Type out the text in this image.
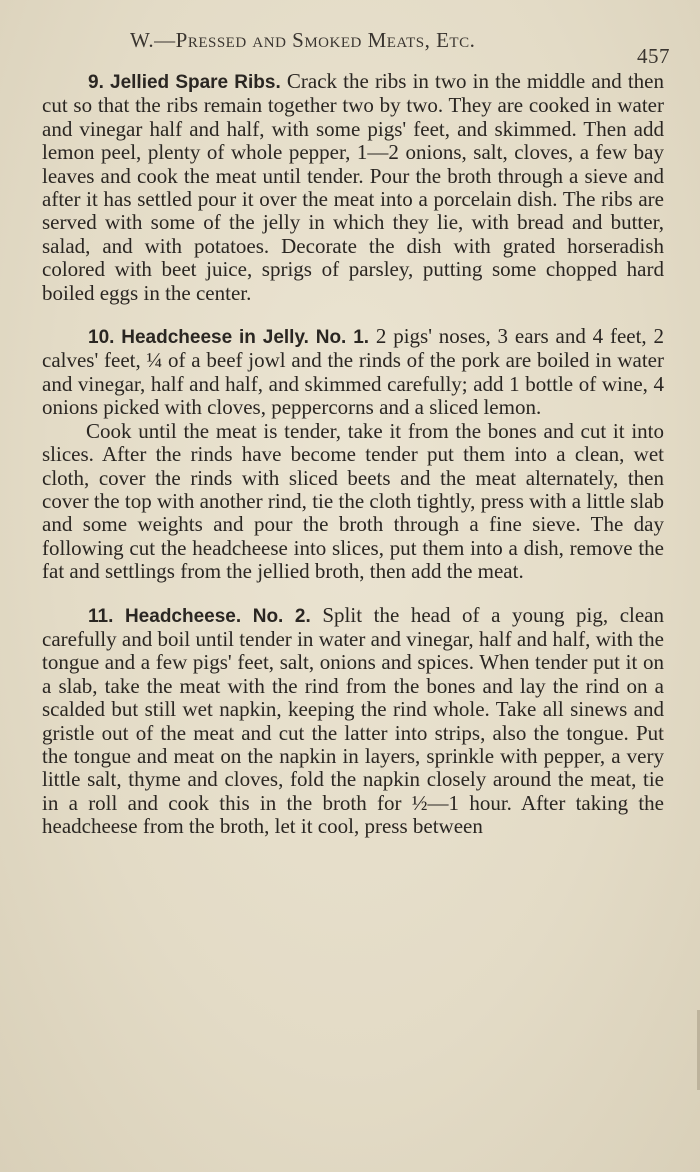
W.—Pressed and Smoked Meats, Etc.
457

9. Jellied Spare Ribs. Crack the ribs in two in the middle and then cut so that the ribs remain together two by two. They are cooked in water and vinegar half and half, with some pigs' feet, and skimmed. Then add lemon peel, plenty of whole pepper, 1—2 onions, salt, cloves, a few bay leaves and cook the meat until tender. Pour the broth through a sieve and after it has settled pour it over the meat into a porcelain dish. The ribs are served with some of the jelly in which they lie, with bread and butter, salad, and with potatoes. Decorate the dish with grated horseradish colored with beet juice, sprigs of parsley, putting some chopped hard boiled eggs in the center.

10. Headcheese in Jelly. No. 1. 2 pigs' noses, 3 ears and 4 feet, 2 calves' feet, ¼ of a beef jowl and the rinds of the pork are boiled in water and vinegar, half and half, and skimmed carefully; add 1 bottle of wine, 4 onions picked with cloves, peppercorns and a sliced lemon.

Cook until the meat is tender, take it from the bones and cut it into slices. After the rinds have become tender put them into a clean, wet cloth, cover the rinds with sliced beets and the meat alternately, then cover the top with another rind, tie the cloth tightly, press with a little slab and some weights and pour the broth through a fine sieve. The day following cut the headcheese into slices, put them into a dish, remove the fat and settlings from the jellied broth, then add the meat.

11. Headcheese. No. 2. Split the head of a young pig, clean carefully and boil until tender in water and vinegar, half and half, with the tongue and a few pigs' feet, salt, onions and spices. When tender put it on a slab, take the meat with the rind from the bones and lay the rind on a scalded but still wet napkin, keeping the rind whole. Take all sinews and gristle out of the meat and cut the latter into strips, also the tongue. Put the tongue and meat on the napkin in layers, sprinkle with pepper, a very little salt, thyme and cloves, fold the napkin closely around the meat, tie in a roll and cook this in the broth for ½—1 hour. After taking the headcheese from the broth, let it cool, press between
